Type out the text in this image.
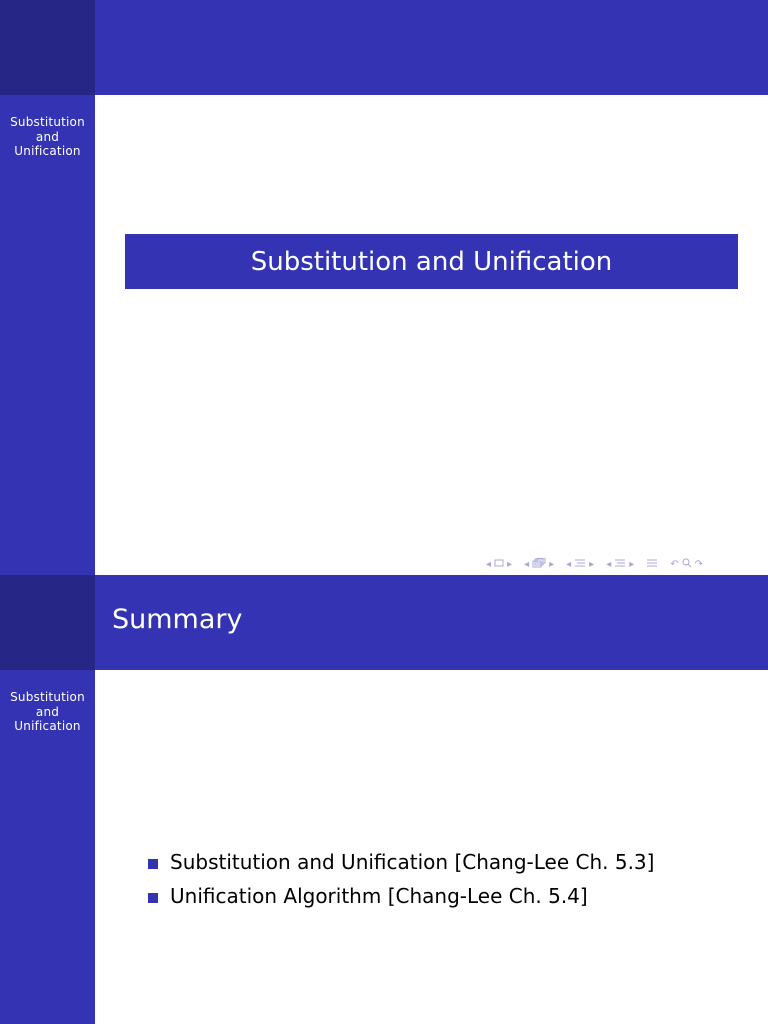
Substitution
and
Unification
Substitution and Unification
◂ ▸ ◂ ▸ ◂ ▸ ◂ ▸	↶ ↷
Summary
Substitution
and
Unification
Substitution and Unification [Chang-Lee Ch. 5.3]
Unification Algorithm [Chang-Lee Ch. 5.4]
